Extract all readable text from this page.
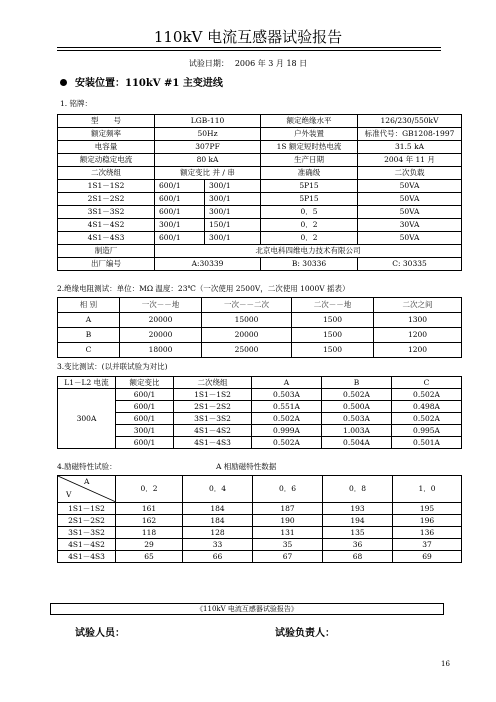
110kV 电流互感器试验报告
试验日期： 2006 年 3 月 18 日
安装位置：110kV #1 主变进线
1. 铭牌：
型　　号	LGB-110		额定绝缘水平	126/230/550kV
额定频率	50Hz		户外装置	标准代号：GB1208-1997
电容量	307PF		1S 额定短时热电流	31.5 kA
额定动稳定电流	80 kA		生产日期	2004 年 11 月
二次绕组	额定变比 并 / 串		准确级	二次负载
1S1－1S2	600/1	300/1	5P15	50VA
2S1－2S2	600/1	300/1	5P15	50VA
3S1－3S2	600/1	300/1	0．5	50VA
4S1－4S2	300/1	150/1	0．2	30VA
4S1－4S3	600/1	300/1	0．2	50VA
制造厂	北京电科四维电力技术有限公司			
出厂编号	A:30339		B: 30336	C: 30335
2.绝缘电阻测试：单位：MΩ 温度：23℃（一次使用 2500V，二次使用 1000V 摇表）
相 别	一次－－地	一次－－二次	二次－－地	二次之间
A	20000	15000	1500	1300
B	20000	20000	1500	1200
C	18000	25000	1500	1200
3.变比测试：(以并联试验为对比)
L1－L2 电流	额定变比	二次绕组	A	B	C
300A	600/1	1S1－1S2	0.503A	0.502A	0.502A
	600/1	2S1－2S2	0.551A	0.500A	0.498A
	600/1	3S1－3S2	0.502A	0.503A	0.502A
	300/1	4S1－4S2	0.999A	1.003A	0.995A
	600/1	4S1－4S3	0.502A	0.504A	0.501A
4.励磁特性试验：	A 相励磁特性数据
A
V	0．2	0．4	0．6	0．8	1．0
1S1－1S2	161	184	187	193	195
2S1－2S2	162	184	190	194	196
3S1－3S2	118	128	131	135	136
4S1－4S2	29	33	35	36	37
4S1－4S3	65	66	67	68	69
《110kV 电流互感器试验报告》
试验人员：	试验负责人：
16
